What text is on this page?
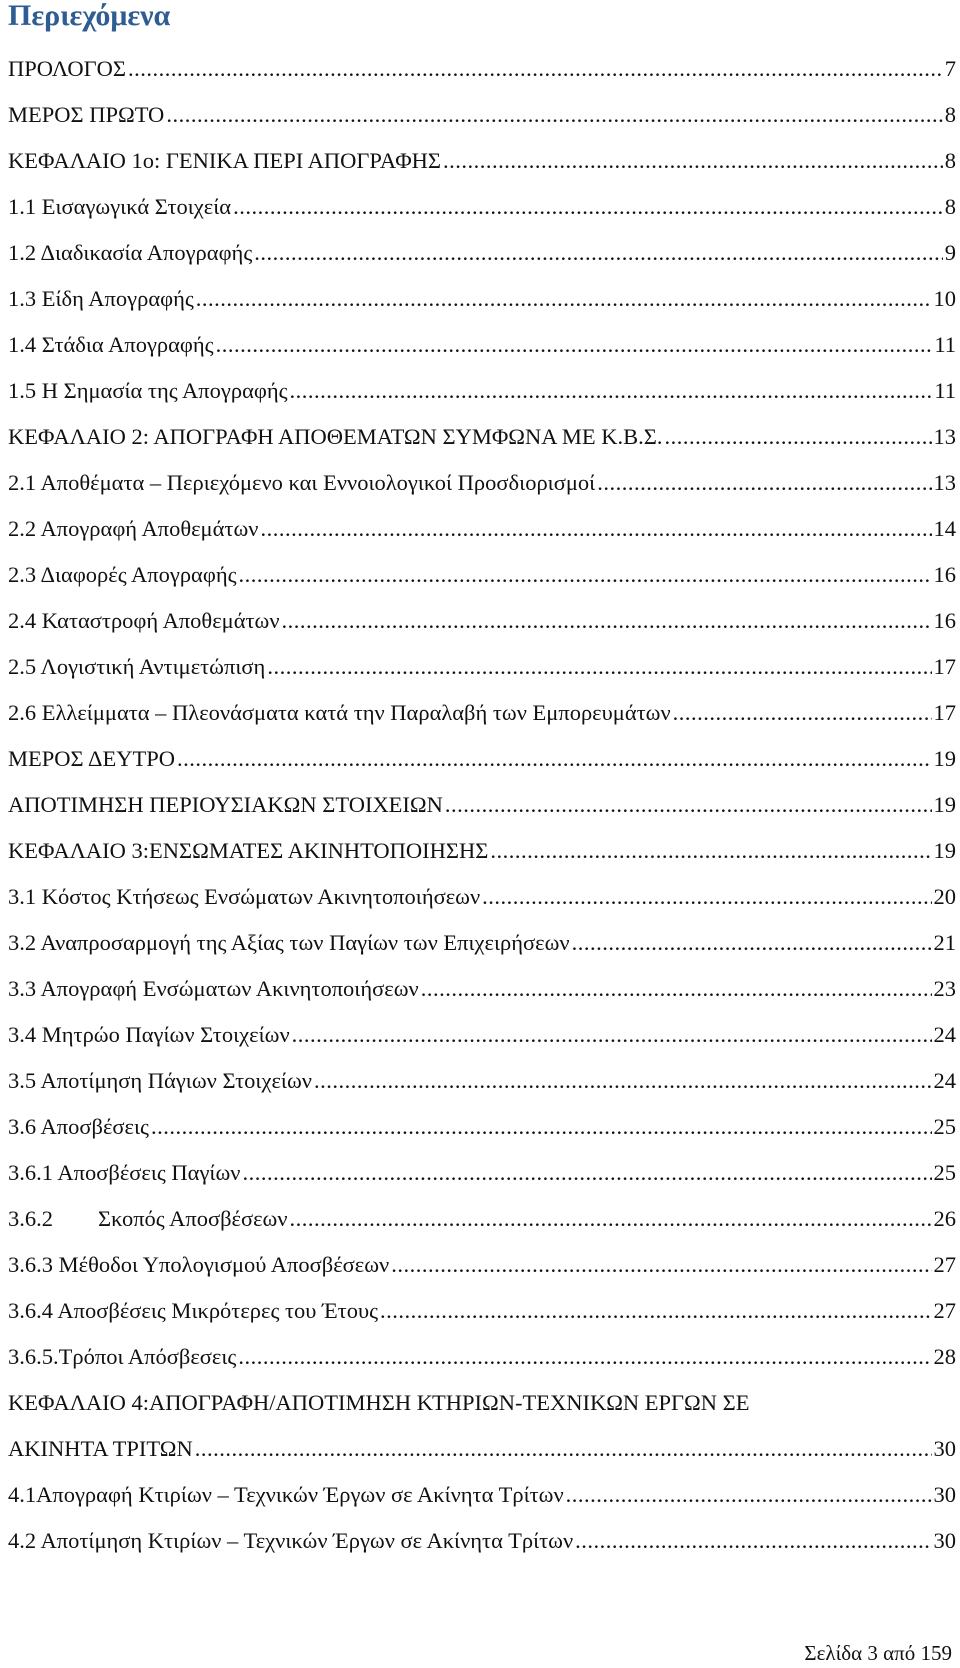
Περιεχόμενα
ΠΡΟΛΟΓΟΣ .....	7
ΜΕΡΟΣ ΠΡΩΤΟ .....	8
ΚΕΦΑΛΑΙΟ 1ο: ΓΕΝΙΚΑ ΠΕΡΙ ΑΠΟΓΡΑΦΗΣ .....	8
1.1 Εισαγωγικά Στοιχεία .....	8
1.2 Διαδικασία Απογραφής .....	9
1.3 Είδη Απογραφής .....	10
1.4 Στάδια Απογραφής .....	11
1.5 Η Σημασία της Απογραφής .....	11
ΚΕΦΑΛΑΙΟ 2: ΑΠΟΓΡΑΦΗ ΑΠΟΘΕΜΑΤΩΝ ΣΥΜΦΩΝΑ ΜΕ Κ.Β.Σ. .....	13
2.1 Αποθέματα – Περιεχόμενο και Εννοιολογικοί Προσδιορισμοί .....	13
2.2 Απογραφή Αποθεμάτων .....	14
2.3 Διαφορές Απογραφής .....	16
2.4 Καταστροφή Αποθεμάτων .....	16
2.5 Λογιστική Αντιμετώπιση .....	17
2.6 Ελλείμματα – Πλεονάσματα κατά την Παραλαβή των Εμπορευμάτων .....	17
ΜΕΡΟΣ ΔΕΥΤΡΟ .....	19
ΑΠΟΤΙΜΗΣΗ ΠΕΡΙΟΥΣΙΑΚΩΝ ΣΤΟΙΧΕΙΩΝ .....	19
ΚΕΦΑΛΑΙΟ 3:ΕΝΣΩΜΑΤΕΣ ΑΚΙΝΗΤΟΠΟΙΗΣΗΣ .....	19
3.1 Κόστος Κτήσεως Ενσώματων Ακινητοποιήσεων .....	20
3.2 Αναπροσαρμογή της Αξίας των Παγίων των Επιχειρήσεων .....	21
3.3 Απογραφή Ενσώματων Ακινητοποιήσεων .....	23
3.4 Μητρώο Παγίων Στοιχείων .....	24
3.5 Αποτίμηση Πάγιων Στοιχείων .....	24
3.6 Αποσβέσεις .....	25
3.6.1 Αποσβέσεις Παγίων .....	25
3.6.2        Σκοπός Αποσβέσεων .....	26
3.6.3 Μέθοδοι Υπολογισμού Αποσβέσεων .....	27
3.6.4 Αποσβέσεις Μικρότερες του Έτους .....	27
3.6.5.Τρόποι Απόσβεσεις .....	28
ΚΕΦΑΛΑΙΟ 4:ΑΠΟΓΡΑΦΗ/ΑΠΟΤΙΜΗΣΗ ΚΤΗΡΙΩΝ-ΤΕΧΝΙΚΩΝ ΕΡΓΩΝ ΣΕ
ΑΚΙΝΗΤΑ ΤΡΙΤΩΝ .....	30
4.1Απογραφή Κτιρίων – Τεχνικών Έργων σε Ακίνητα Τρίτων .....	30
4.2 Αποτίμηση Κτιρίων – Τεχνικών Έργων σε Ακίνητα Τρίτων .....	30
Σελίδα 3 από 159
